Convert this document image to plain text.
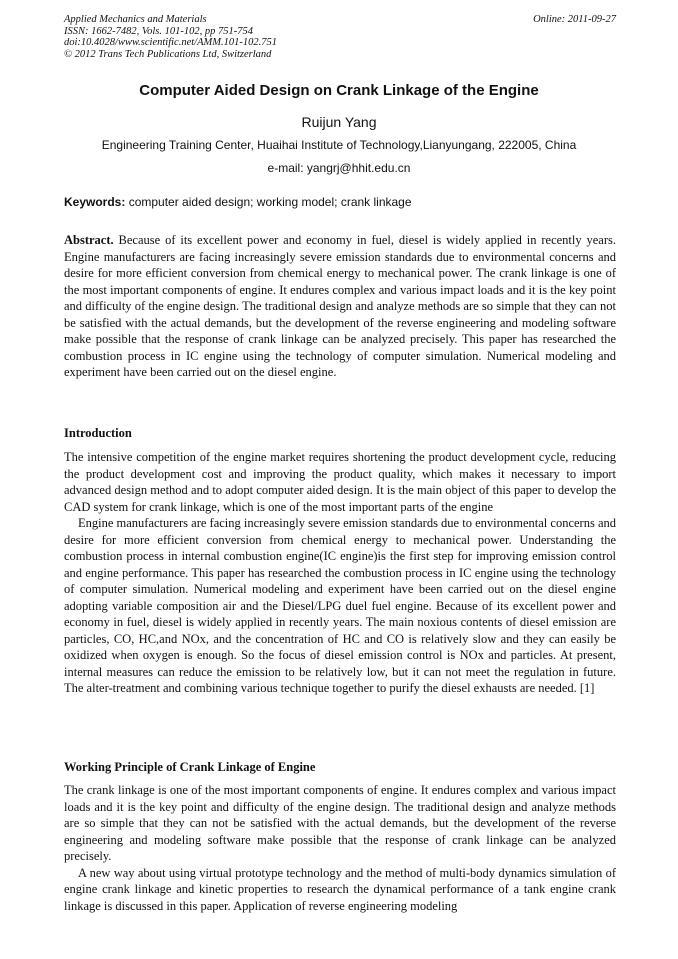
Applied Mechanics and Materials
ISSN: 1662-7482, Vols. 101-102, pp 751-754
doi:10.4028/www.scientific.net/AMM.101-102.751
© 2012 Trans Tech Publications Ltd, Switzerland
Online: 2011-09-27
Computer Aided Design on Crank Linkage of the Engine
Ruijun Yang
Engineering Training Center, Huaihai Institute of Technology,Lianyungang, 222005, China
e-mail: yangrj@hhit.edu.cn
Keywords: computer aided design; working model; crank linkage
Abstract. Because of its excellent power and economy in fuel, diesel is widely applied in recently years. Engine manufacturers are facing increasingly severe emission standards due to environmental concerns and desire for more efficient conversion from chemical energy to mechanical power. The crank linkage is one of the most important components of engine. It endures complex and various impact loads and it is the key point and difficulty of the engine design. The traditional design and analyze methods are so simple that they can not be satisfied with the actual demands, but the development of the reverse engineering and modeling software make possible that the response of crank linkage can be analyzed precisely. This paper has researched the combustion process in IC engine using the technology of computer simulation. Numerical modeling and experiment have been carried out on the diesel engine.
Introduction

The intensive competition of the engine market requires shortening the product development cycle, reducing the product development cost and improving the product quality, which makes it necessary to import advanced design method and to adopt computer aided design. It is the main object of this paper to develop the CAD system for crank linkage, which is one of the most important parts of the engine

Engine manufacturers are facing increasingly severe emission standards due to environmental concerns and desire for more efficient conversion from chemical energy to mechanical power. Understanding the combustion process in internal combustion engine(IC engine)is the first step for improving emission control and engine performance. This paper has researched the combustion process in IC engine using the technology of computer simulation. Numerical modeling and experiment have been carried out on the diesel engine adopting variable composition air and the Diesel/LPG duel fuel engine. Because of its excellent power and economy in fuel, diesel is widely applied in recently years. The main noxious contents of diesel emission are particles, CO, HC,and NOx, and the concentration of HC and CO is relatively slow and they can easily be oxidized when oxygen is enough. So the focus of diesel emission control is NOx and particles. At present, internal measures can reduce the emission to be relatively low, but it can not meet the regulation in future. The alter-treatment and combining various technique together to purify the diesel exhausts are needed. [1]

Working Principle of Crank Linkage of Engine

The crank linkage is one of the most important components of engine. It endures complex and various impact loads and it is the key point and difficulty of the engine design. The traditional design and analyze methods are so simple that they can not be satisfied with the actual demands, but the development of the reverse engineering and modeling software make possible that the response of crank linkage can be analyzed precisely.

A new way about using virtual prototype technology and the method of multi-body dynamics simulation of engine crank linkage and kinetic properties to research the dynamical performance of a tank engine crank linkage is discussed in this paper. Application of reverse engineering modeling
